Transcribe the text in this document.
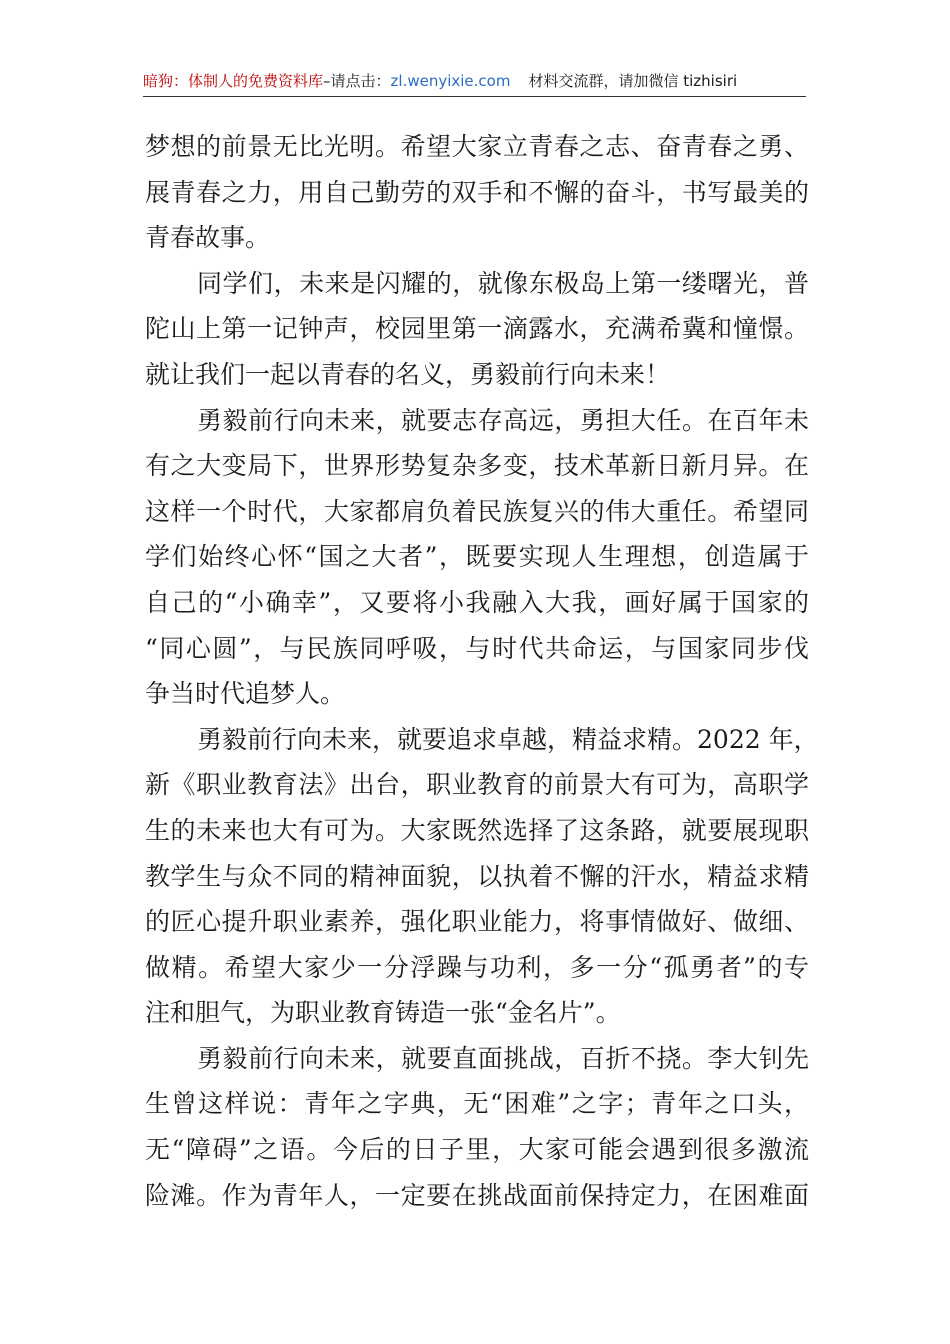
暗狗：体制人的免费资料库–请点击：zl.wenyixie.com 材料交流群，请加微信 tizhisiri
梦想的前景无比光明。希望大家立青春之志、奋青春之勇、
展青春之力，用自己勤劳的双手和不懈的奋斗，书写最美的
青春故事。
同学们，未来是闪耀的，就像东极岛上第一缕曙光，普
陀山上第一记钟声，校园里第一滴露水，充满希冀和憧憬。
就让我们一起以青春的名义，勇毅前行向未来！
勇毅前行向未来，就要志存高远，勇担大任。在百年未
有之大变局下，世界形势复杂多变，技术革新日新月异。在
这样一个时代，大家都肩负着民族复兴的伟大重任。希望同
学们始终心怀“国之大者”，既要实现人生理想，创造属于
自己的“小确幸”，又要将小我融入大我，画好属于国家的
“同心圆”，与民族同呼吸，与时代共命运，与国家同步伐
争当时代追梦人。
勇毅前行向未来，就要追求卓越，精益求精。2022 年，
新《职业教育法》出台，职业教育的前景大有可为，高职学
生的未来也大有可为。大家既然选择了这条路，就要展现职
教学生与众不同的精神面貌，以执着不懈的汗水，精益求精
的匠心提升职业素养，强化职业能力，将事情做好、做细、
做精。希望大家少一分浮躁与功利，多一分“孤勇者”的专
注和胆气，为职业教育铸造一张“金名片”。
勇毅前行向未来，就要直面挑战，百折不挠。李大钊先
生曾这样说：青年之字典，无“困难”之字；青年之口头，
无“障碍”之语。今后的日子里，大家可能会遇到很多激流
险滩。作为青年人，一定要在挑战面前保持定力，在困难面
